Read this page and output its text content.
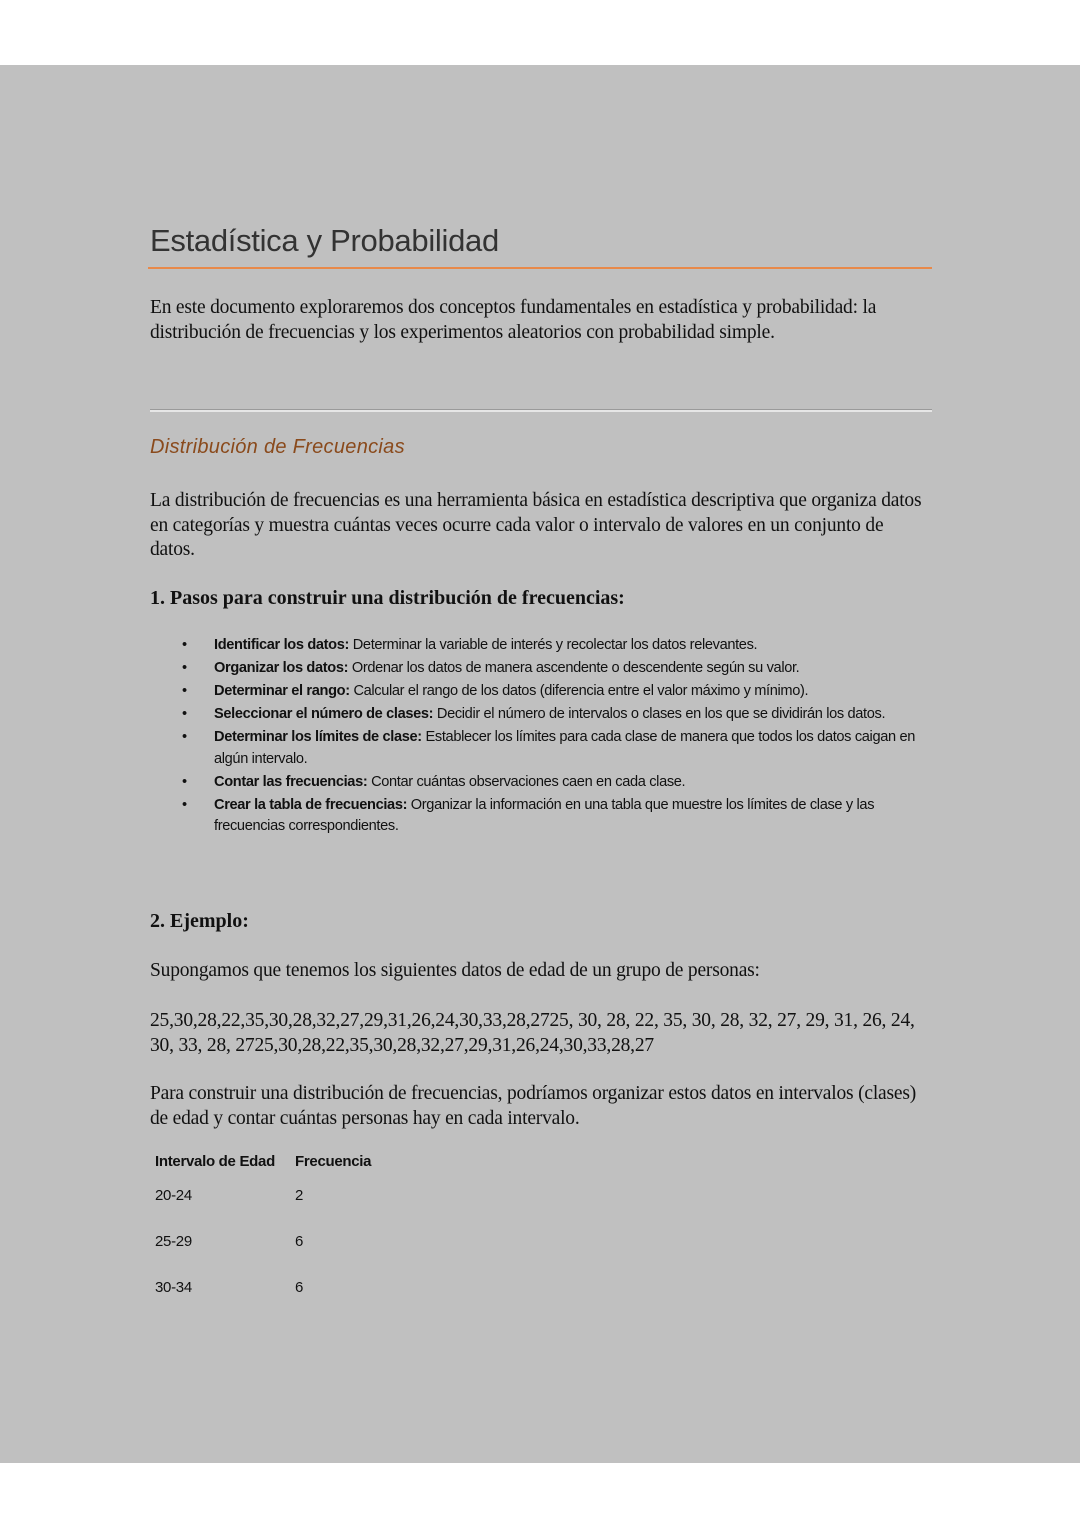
Estadística y Probabilidad
En este documento exploraremos dos conceptos fundamentales en estadística y probabilidad: la distribución de frecuencias y los experimentos aleatorios con probabilidad simple.
Distribución de Frecuencias
La distribución de frecuencias es una herramienta básica en estadística descriptiva que organiza datos en categorías y muestra cuántas veces ocurre cada valor o intervalo de valores en un conjunto de datos.
1. Pasos para construir una distribución de frecuencias:
• Identificar los datos: Determinar la variable de interés y recolectar los datos relevantes.
• Organizar los datos: Ordenar los datos de manera ascendente o descendente según su valor.
• Determinar el rango: Calcular el rango de los datos (diferencia entre el valor máximo y mínimo).
• Seleccionar el número de clases: Decidir el número de intervalos o clases en los que se dividirán los datos.
• Determinar los límites de clase: Establecer los límites para cada clase de manera que todos los datos caigan en algún intervalo.
• Contar las frecuencias: Contar cuántas observaciones caen en cada clase.
• Crear la tabla de frecuencias: Organizar la información en una tabla que muestre los límites de clase y las frecuencias correspondientes.
2. Ejemplo:
Supongamos que tenemos los siguientes datos de edad de un grupo de personas:
25,30,28,22,35,30,28,32,27,29,31,26,24,30,33,28,2725, 30, 28, 22, 35, 30, 28, 32, 27, 29, 31, 26, 24, 30, 33, 28, 2725,30,28,22,35,30,28,32,27,29,31,26,24,30,33,28,27
Para construir una distribución de frecuencias, podríamos organizar estos datos en intervalos (clases) de edad y contar cuántas personas hay en cada intervalo.
Intervalo de Edad	Frecuencia
20-24	2
25-29	6
30-34	6
